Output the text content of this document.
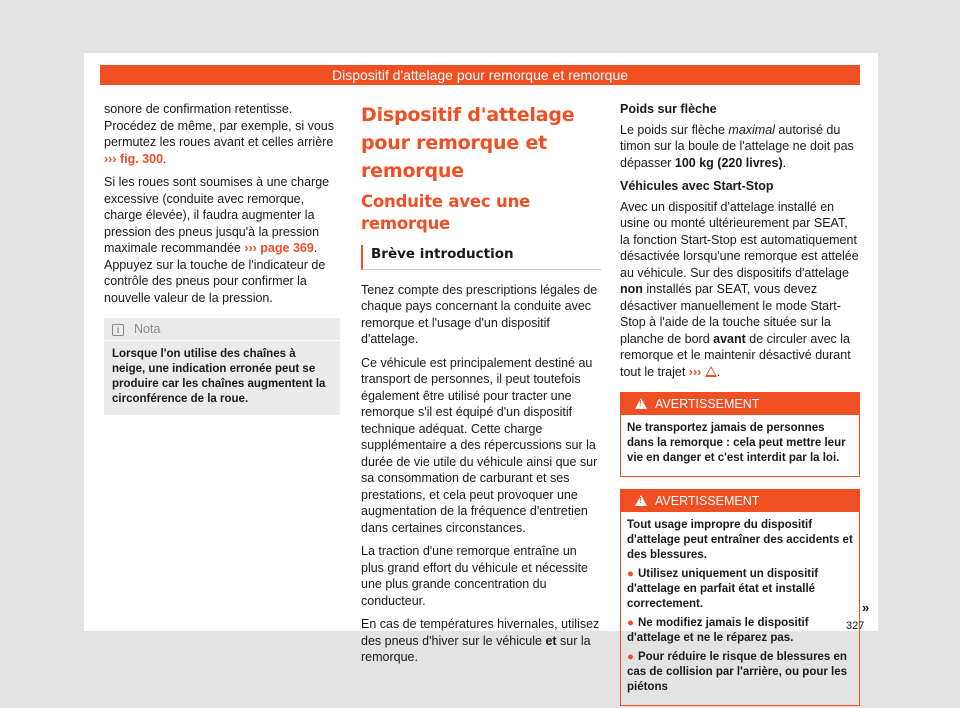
Dispositif d'attelage pour remorque et remorque

sonore de confirmation retentisse. Procédez de même, par exemple, si vous permutez les roues avant et celles arrière ››› fig. 300.

Si les roues sont soumises à une charge excessive (conduite avec remorque, charge élevée), il faudra augmenter la pression des pneus jusqu'à la pression maximale recommandée ››› page 369. Appuyez sur la touche de l'indicateur de contrôle des pneus pour confirmer la nouvelle valeur de la pression.

i Nota
Lorsque l'on utilise des chaînes à neige, une indication erronée peut se produire car les chaînes augmentent la circonférence de la roue.
Dispositif d'attelage pour remorque et remorque
Conduite avec une remorque
Brève introduction

Tenez compte des prescriptions légales de chaque pays concernant la conduite avec remorque et l'usage d'un dispositif d'attelage.

Ce véhicule est principalement destiné au transport de personnes, il peut toutefois également être utilisé pour tracter une remorque s'il est équipé d'un dispositif technique adéquat. Cette charge supplémentaire a des répercussions sur la durée de vie utile du véhicule ainsi que sur sa consommation de carburant et ses prestations, et cela peut provoquer une augmentation de la fréquence d'entretien dans certaines circonstances.

La traction d'une remorque entraîne un plus grand effort du véhicule et nécessite une plus grande concentration du conducteur.

En cas de températures hivernales, utilisez des pneus d'hiver sur le véhicule et sur la remorque.

Poids sur flèche

Le poids sur flèche maximal autorisé du timon sur la boule de l'attelage ne doit pas dépasser 100 kg (220 livres).

Véhicules avec Start-Stop

Avec un dispositif d'attelage installé en usine ou monté ultérieurement par SEAT, la fonction Start-Stop est automatiquement désactivée lorsqu'une remorque est attelée au véhicule. Sur des dispositifs d'attelage non installés par SEAT, vous devez désactiver manuellement le mode Start-Stop à l'aide de la touche située sur la planche de bord avant de circuler avec la remorque et le maintenir désactivé durant tout le trajet ››› .

!AVERTISSEMENT

Ne transportez jamais de personnes dans la remorque : cela peut mettre leur vie en danger et c'est interdit par la loi.

!AVERTISSEMENT

Tout usage impropre du dispositif d'attelage peut entraîner des accidents et des blessures.

● Utilisez uniquement un dispositif d'attelage en parfait état et installé correctement.

● Ne modifiez jamais le dispositif d'attelage et ne le réparez pas.

● Pour réduire le risque de blessures en cas de collision par l'arrière, ou pour les piétons

»
327
